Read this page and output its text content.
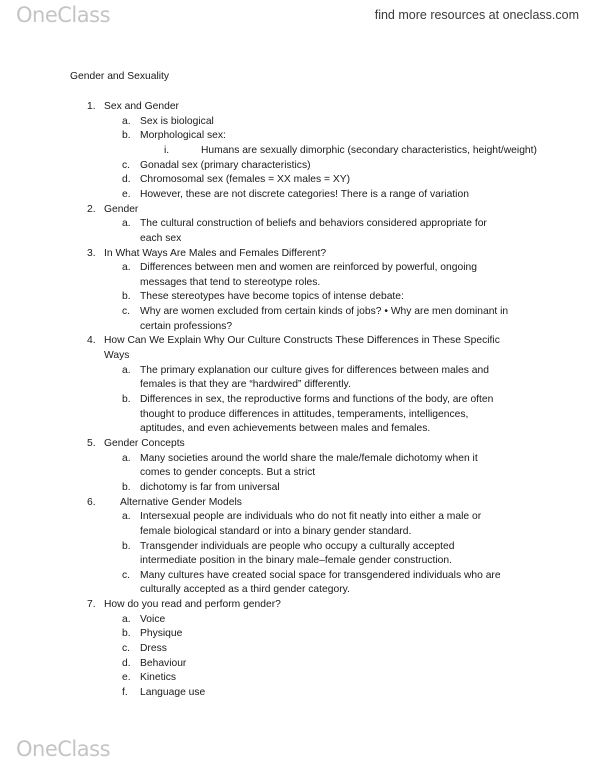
OneClass	find more resources at oneclass.com
Gender and Sexuality
1. Sex and Gender
a. Sex is biological
b. Morphological sex:
i.	Humans are sexually dimorphic (secondary characteristics, height/weight)
c. Gonadal sex (primary characteristics)
d. Chromosomal sex (females = XX males = XY)
e. However, these are not discrete categories! There is a range of variation
2. Gender
a. The cultural construction of beliefs and behaviors considered appropriate for
each sex
3. In What Ways Are Males and Females Different?
a. Differences between men and women are reinforced by powerful, ongoing
messages that tend to stereotype roles.
b. These stereotypes have become topics of intense debate:
c. Why are women excluded from certain kinds of jobs? • Why are men dominant in
certain professions?
4. How Can We Explain Why Our Culture Constructs These Differences in These Specific
Ways
a. The primary explanation our culture gives for differences between males and
females is that they are “hardwired” differently.
b. Differences in sex, the reproductive forms and functions of the body, are often
thought to produce differences in attitudes, temperaments, intelligences,
aptitudes, and even achievements between males and females.
5. Gender Concepts
a. Many societies around the world share the male/female dichotomy when it
comes to gender concepts. But a strict
b. dichotomy is far from universal
6. Alternative Gender Models
a. Intersexual people are individuals who do not fit neatly into either a male or
female biological standard or into a binary gender standard.
b. Transgender individuals are people who occupy a culturally accepted
intermediate position in the binary male–female gender construction.
c. Many cultures have created social space for transgendered individuals who are
culturally accepted as a third gender category.
7. How do you read and perform gender?
a. Voice
b. Physique
c. Dress
d. Behaviour
e. Kinetics
f. Language use
OneClass
